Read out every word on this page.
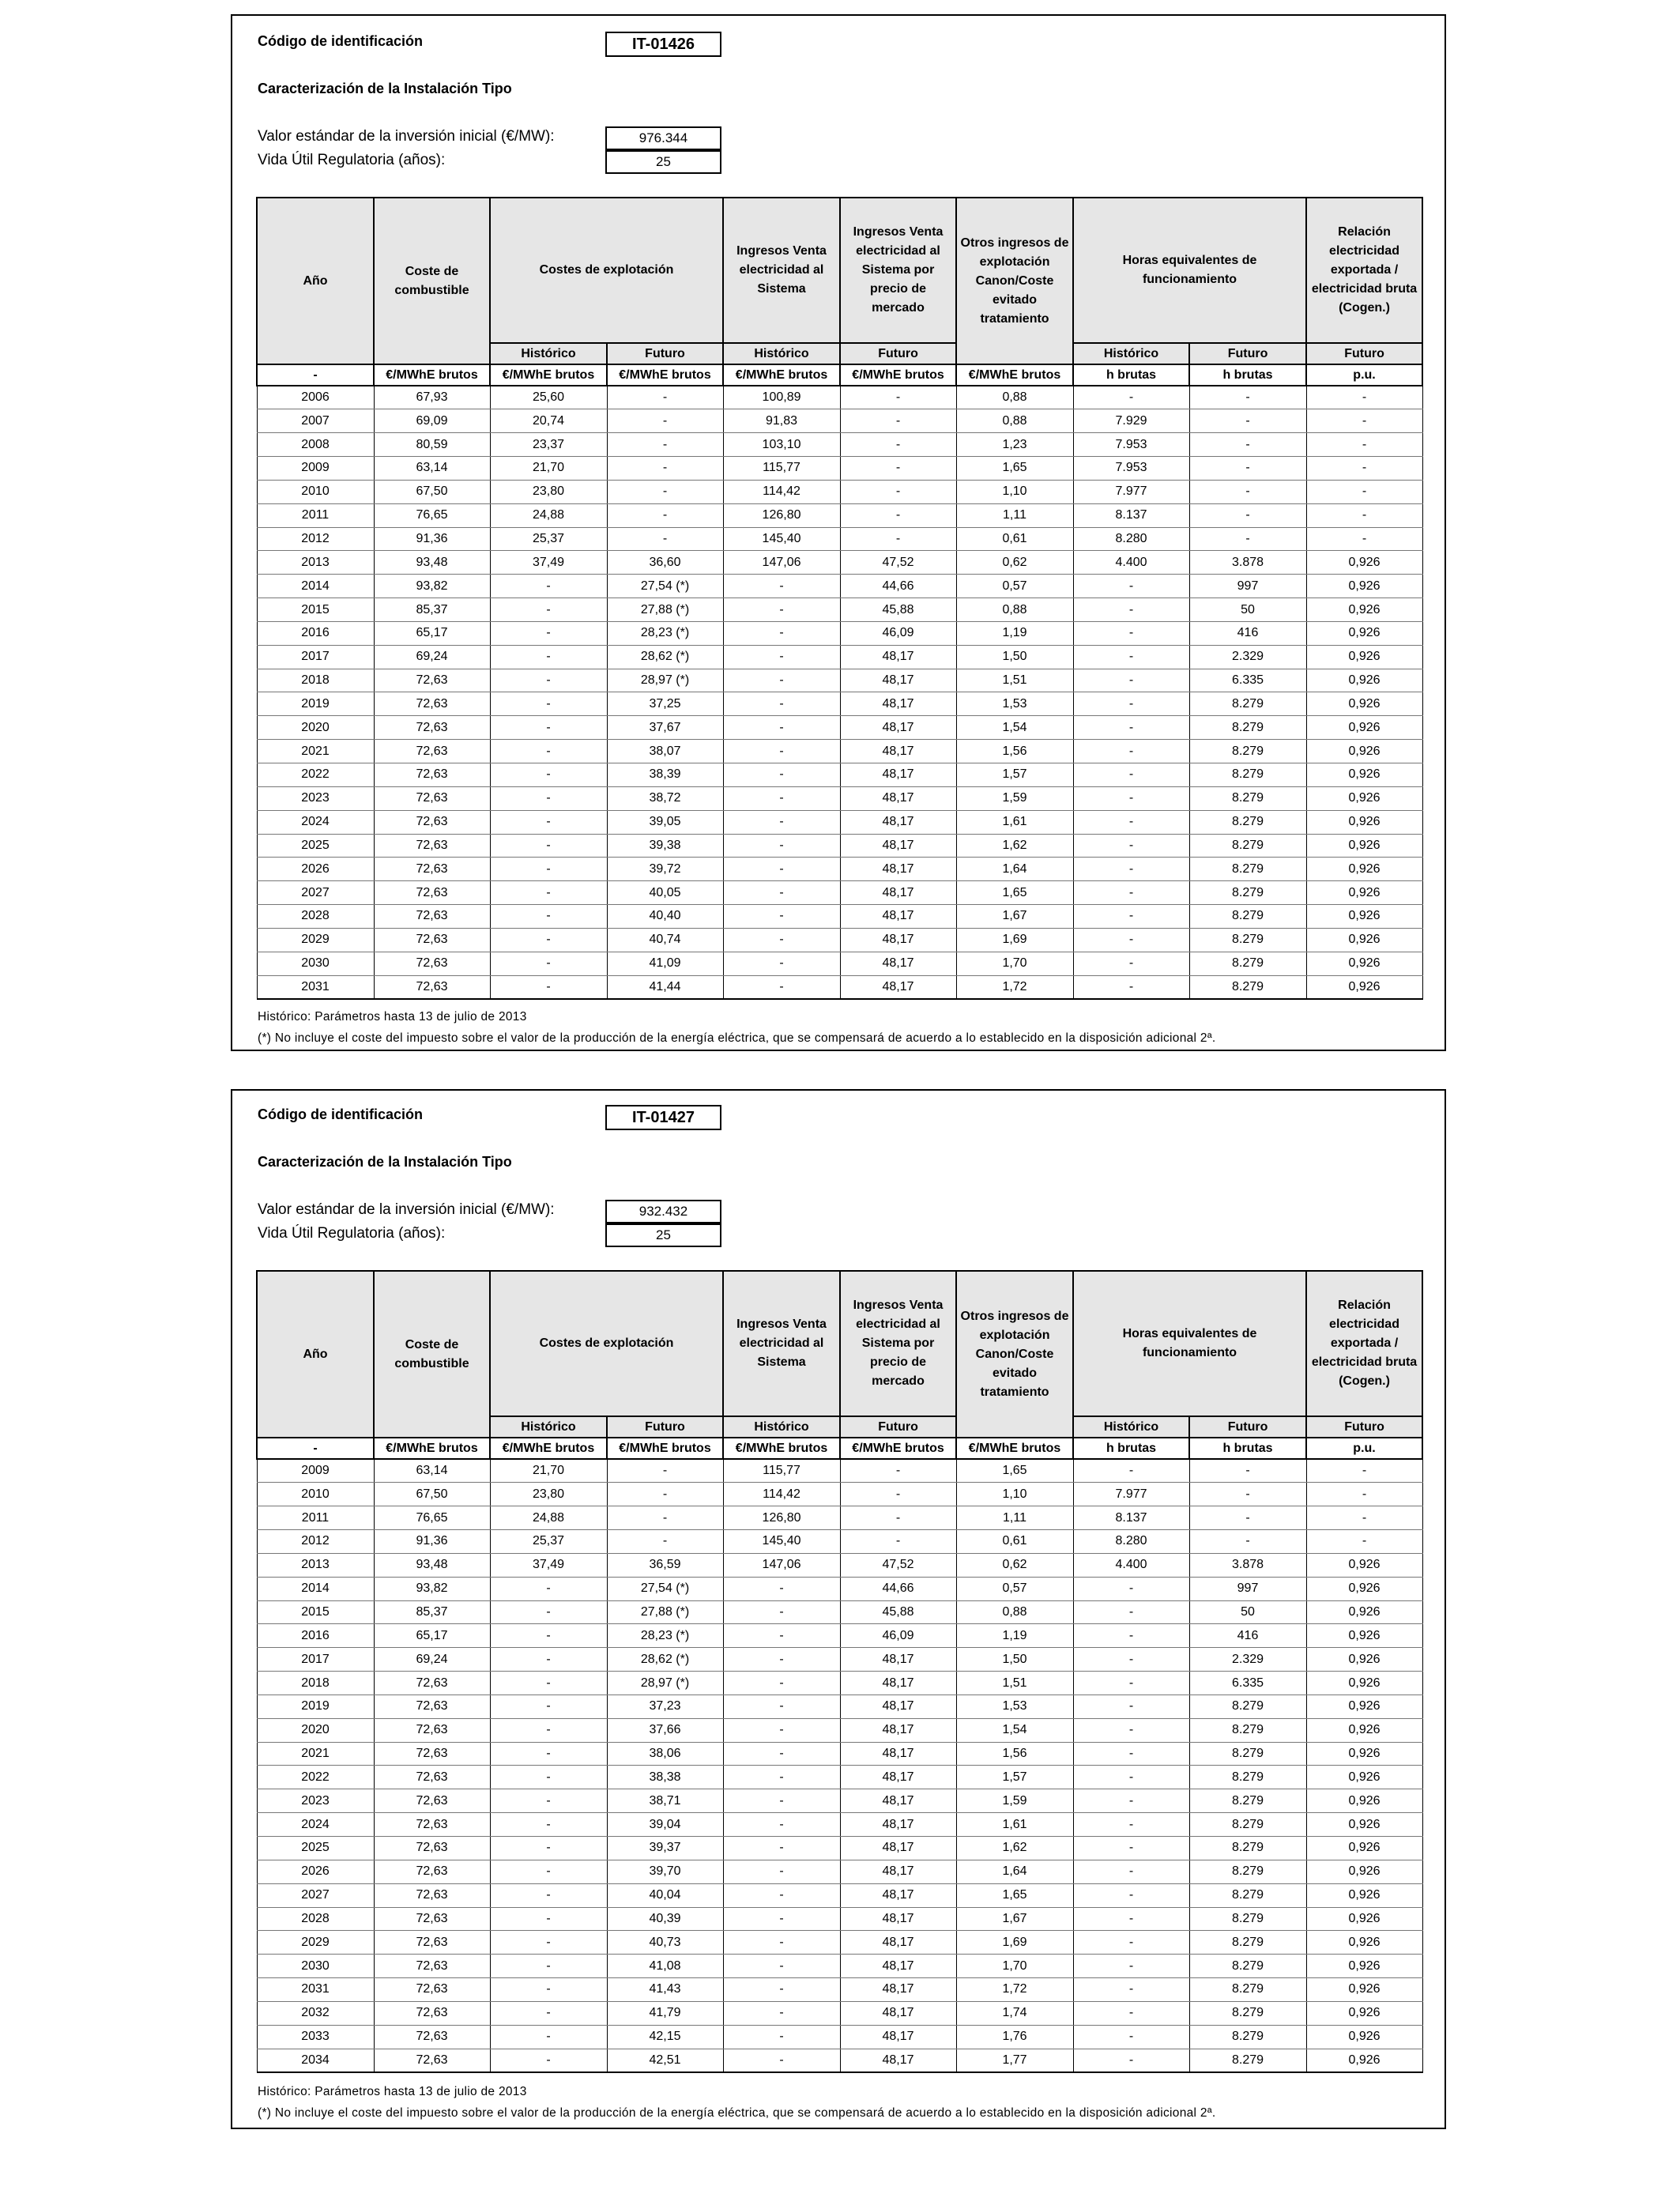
Código de identificación	IT-01426
Caracterización de la Instalación Tipo
Valor estándar de la inversión inicial (€/MW):	976.344
Vida Útil Regulatoria (años):	25
Año	Coste de combustible	Costes de explotación		Ingresos Venta electricidad al Sistema	Ingresos Venta electricidad al Sistema por precio de mercado	Otros ingresos de explotación Canon/Coste evitado tratamiento	Horas equivalentes de funcionamiento		Relación electricidad exportada / electricidad bruta (Cogen.)
		Histórico	Futuro	Histórico	Futuro		Histórico	Futuro	Futuro
-	€/MWhE brutos	€/MWhE brutos	€/MWhE brutos	€/MWhE brutos	€/MWhE brutos	€/MWhE brutos	h brutas	h brutas	p.u.
2006	67,93	25,60	-	100,89	-	0,88	-	-	-
2007	69,09	20,74	-	91,83	-	0,88	7.929	-	-
2008	80,59	23,37	-	103,10	-	1,23	7.953	-	-
2009	63,14	21,70	-	115,77	-	1,65	7.953	-	-
2010	67,50	23,80	-	114,42	-	1,10	7.977	-	-
2011	76,65	24,88	-	126,80	-	1,11	8.137	-	-
2012	91,36	25,37	-	145,40	-	0,61	8.280	-	-
2013	93,48	37,49	36,60	147,06	47,52	0,62	4.400	3.878	0,926
2014	93,82	-	27,54 (*)	-	44,66	0,57	-	997	0,926
2015	85,37	-	27,88 (*)	-	45,88	0,88	-	50	0,926
2016	65,17	-	28,23 (*)	-	46,09	1,19	-	416	0,926
2017	69,24	-	28,62 (*)	-	48,17	1,50	-	2.329	0,926
2018	72,63	-	28,97 (*)	-	48,17	1,51	-	6.335	0,926
2019	72,63	-	37,25	-	48,17	1,53	-	8.279	0,926
2020	72,63	-	37,67	-	48,17	1,54	-	8.279	0,926
2021	72,63	-	38,07	-	48,17	1,56	-	8.279	0,926
2022	72,63	-	38,39	-	48,17	1,57	-	8.279	0,926
2023	72,63	-	38,72	-	48,17	1,59	-	8.279	0,926
2024	72,63	-	39,05	-	48,17	1,61	-	8.279	0,926
2025	72,63	-	39,38	-	48,17	1,62	-	8.279	0,926
2026	72,63	-	39,72	-	48,17	1,64	-	8.279	0,926
2027	72,63	-	40,05	-	48,17	1,65	-	8.279	0,926
2028	72,63	-	40,40	-	48,17	1,67	-	8.279	0,926
2029	72,63	-	40,74	-	48,17	1,69	-	8.279	0,926
2030	72,63	-	41,09	-	48,17	1,70	-	8.279	0,926
2031	72,63	-	41,44	-	48,17	1,72	-	8.279	0,926
Histórico: Parámetros hasta 13 de julio de 2013
(*) No incluye el coste del impuesto sobre el valor de la producción de la energía eléctrica, que se compensará de acuerdo a lo establecido en la disposición adicional 2ª.
Código de identificación	IT-01427
Caracterización de la Instalación Tipo
Valor estándar de la inversión inicial (€/MW):	932.432
Vida Útil Regulatoria (años):	25
Año	Coste de combustible	Costes de explotación		Ingresos Venta electricidad al Sistema	Ingresos Venta electricidad al Sistema por precio de mercado	Otros ingresos de explotación Canon/Coste evitado tratamiento	Horas equivalentes de funcionamiento		Relación electricidad exportada / electricidad bruta (Cogen.)
		Histórico	Futuro	Histórico	Futuro		Histórico	Futuro	Futuro
-	€/MWhE brutos	€/MWhE brutos	€/MWhE brutos	€/MWhE brutos	€/MWhE brutos	€/MWhE brutos	h brutas	h brutas	p.u.
2009	63,14	21,70	-	115,77	-	1,65	-	-	-
2010	67,50	23,80	-	114,42	-	1,10	7.977	-	-
2011	76,65	24,88	-	126,80	-	1,11	8.137	-	-
2012	91,36	25,37	-	145,40	-	0,61	8.280	-	-
2013	93,48	37,49	36,59	147,06	47,52	0,62	4.400	3.878	0,926
2014	93,82	-	27,54 (*)	-	44,66	0,57	-	997	0,926
2015	85,37	-	27,88 (*)	-	45,88	0,88	-	50	0,926
2016	65,17	-	28,23 (*)	-	46,09	1,19	-	416	0,926
2017	69,24	-	28,62 (*)	-	48,17	1,50	-	2.329	0,926
2018	72,63	-	28,97 (*)	-	48,17	1,51	-	6.335	0,926
2019	72,63	-	37,23	-	48,17	1,53	-	8.279	0,926
2020	72,63	-	37,66	-	48,17	1,54	-	8.279	0,926
2021	72,63	-	38,06	-	48,17	1,56	-	8.279	0,926
2022	72,63	-	38,38	-	48,17	1,57	-	8.279	0,926
2023	72,63	-	38,71	-	48,17	1,59	-	8.279	0,926
2024	72,63	-	39,04	-	48,17	1,61	-	8.279	0,926
2025	72,63	-	39,37	-	48,17	1,62	-	8.279	0,926
2026	72,63	-	39,70	-	48,17	1,64	-	8.279	0,926
2027	72,63	-	40,04	-	48,17	1,65	-	8.279	0,926
2028	72,63	-	40,39	-	48,17	1,67	-	8.279	0,926
2029	72,63	-	40,73	-	48,17	1,69	-	8.279	0,926
2030	72,63	-	41,08	-	48,17	1,70	-	8.279	0,926
2031	72,63	-	41,43	-	48,17	1,72	-	8.279	0,926
2032	72,63	-	41,79	-	48,17	1,74	-	8.279	0,926
2033	72,63	-	42,15	-	48,17	1,76	-	8.279	0,926
2034	72,63	-	42,51	-	48,17	1,77	-	8.279	0,926
Histórico: Parámetros hasta 13 de julio de 2013
(*) No incluye el coste del impuesto sobre el valor de la producción de la energía eléctrica, que se compensará de acuerdo a lo establecido en la disposición adicional 2ª.
